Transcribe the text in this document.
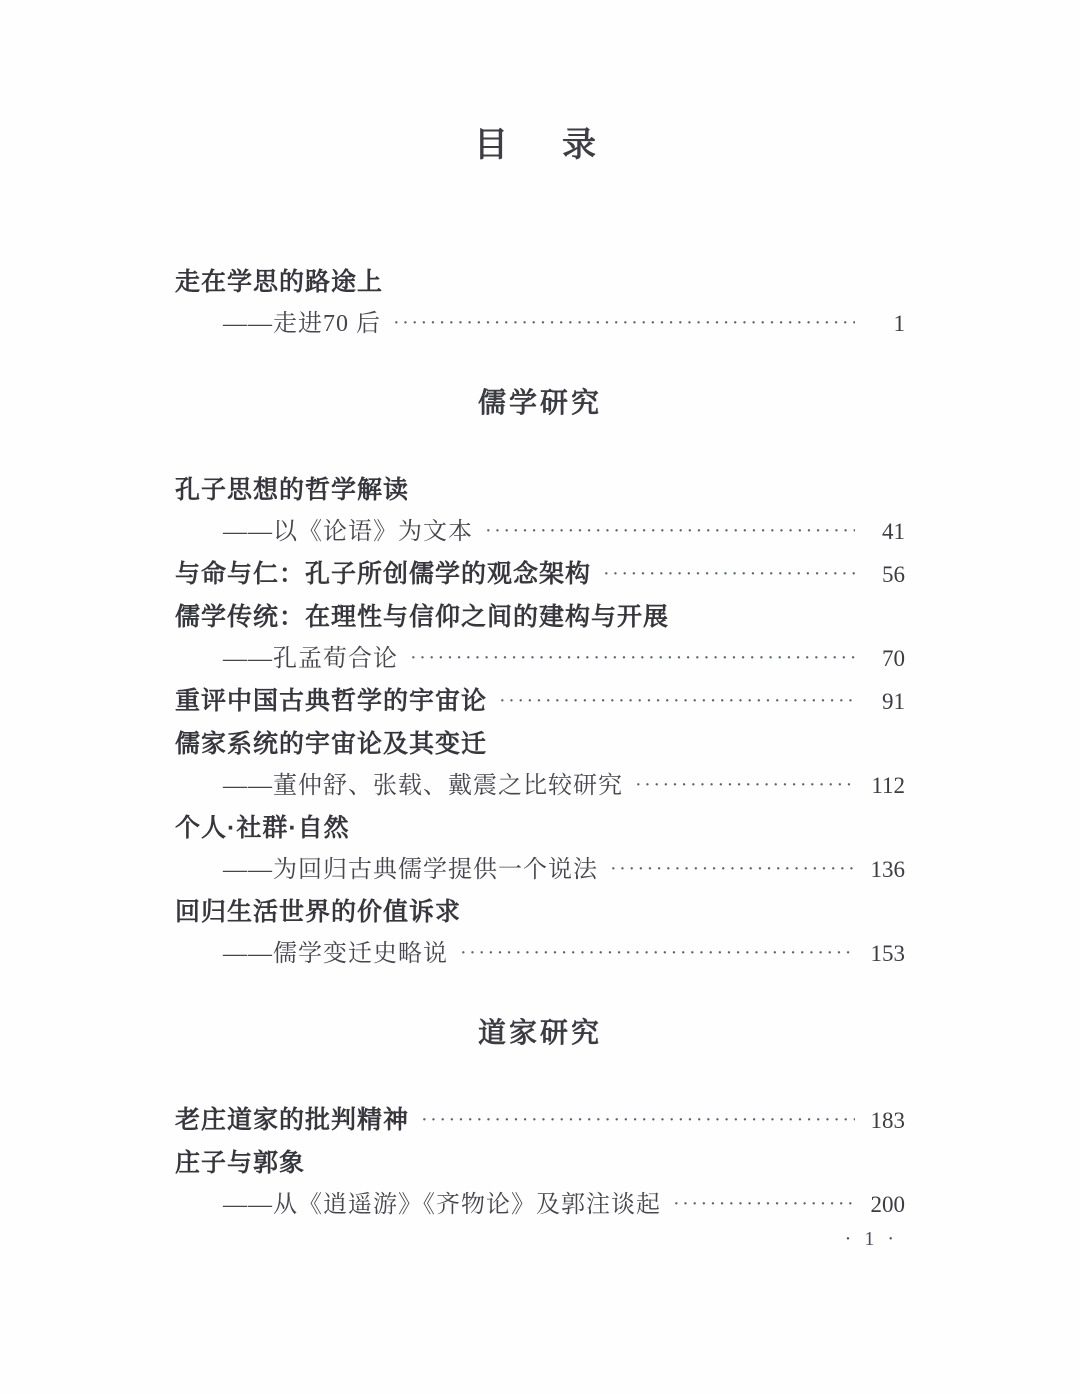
目　录
走在学思的路途上
——走进70 后 ·····	1
儒学研究
孔子思想的哲学解读
——以《论语》为文本 ·····	41
与命与仁：孔子所创儒学的观念架构 ·····	56
儒学传统：在理性与信仰之间的建构与开展
——孔孟荀合论 ·····	70
重评中国古典哲学的宇宙论 ·····	91
儒家系统的宇宙论及其变迁
——董仲舒、张载、戴震之比较研究 ·····	112
个人·社群·自然
——为回归古典儒学提供一个说法 ·····	136
回归生活世界的价值诉求
——儒学变迁史略说 ·····	153
道家研究
老庄道家的批判精神 ·····	183
庄子与郭象
——从《逍遥游》《齐物论》及郭注谈起 ·····	200
· 1 ·
